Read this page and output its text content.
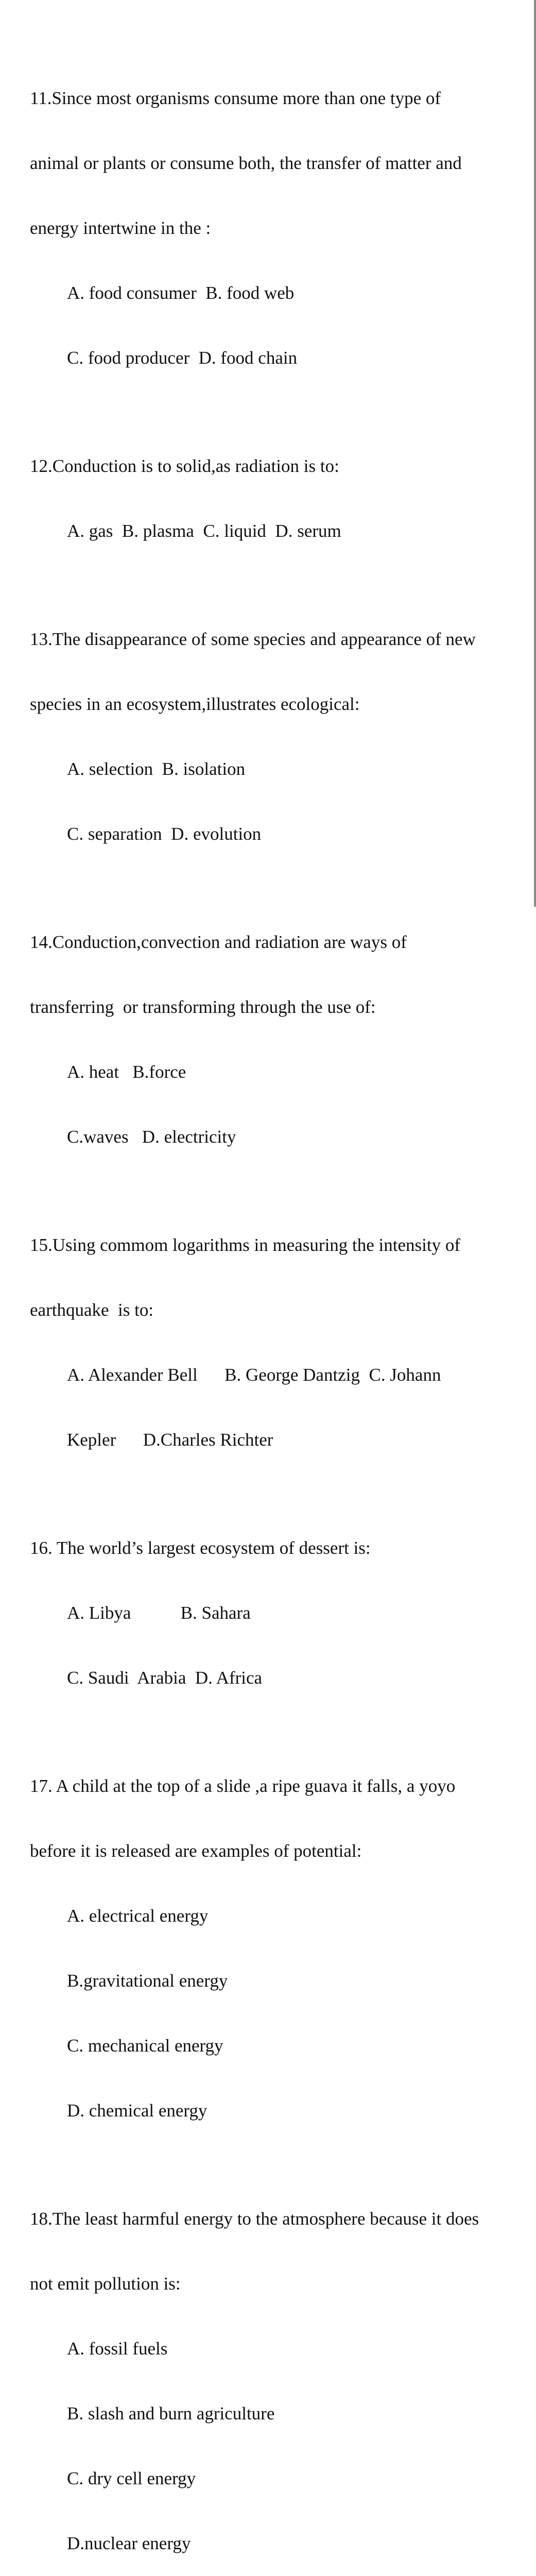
11.Since most organisms consume more than one type of

animal or plants or consume both, the transfer of matter and

energy intertwine in the :

A. food consumer  B. food web

C. food producer  D. food chain

12.Conduction is to solid,as radiation is to:

A. gas  B. plasma  C. liquid  D. serum

13.The disappearance of some species and appearance of new

species in an ecosystem,illustrates ecological:

A. selection  B. isolation

C. separation  D. evolution

14.Conduction,convection and radiation are ways of

transferring  or transforming through the use of:

A. heat   B.force

C.waves   D. electricity

15.Using commom logarithms in measuring the intensity of

earthquake  is to:

A. Alexander Bell      B. George Dantzig  C. Johann

Kepler      D.Charles Richter

16. The world’s largest ecosystem of dessert is:

A. Libya           B. Sahara

C. Saudi  Arabia  D. Africa

17. A child at the top of a slide ,a ripe guava it falls, a yoyo

before it is released are examples of potential:

A. electrical energy

B.gravitational energy

C. mechanical energy

D. chemical energy

18.The least harmful energy to the atmosphere because it does

not emit pollution is:

A. fossil fuels

B. slash and burn agriculture

C. dry cell energy

D.nuclear energy
